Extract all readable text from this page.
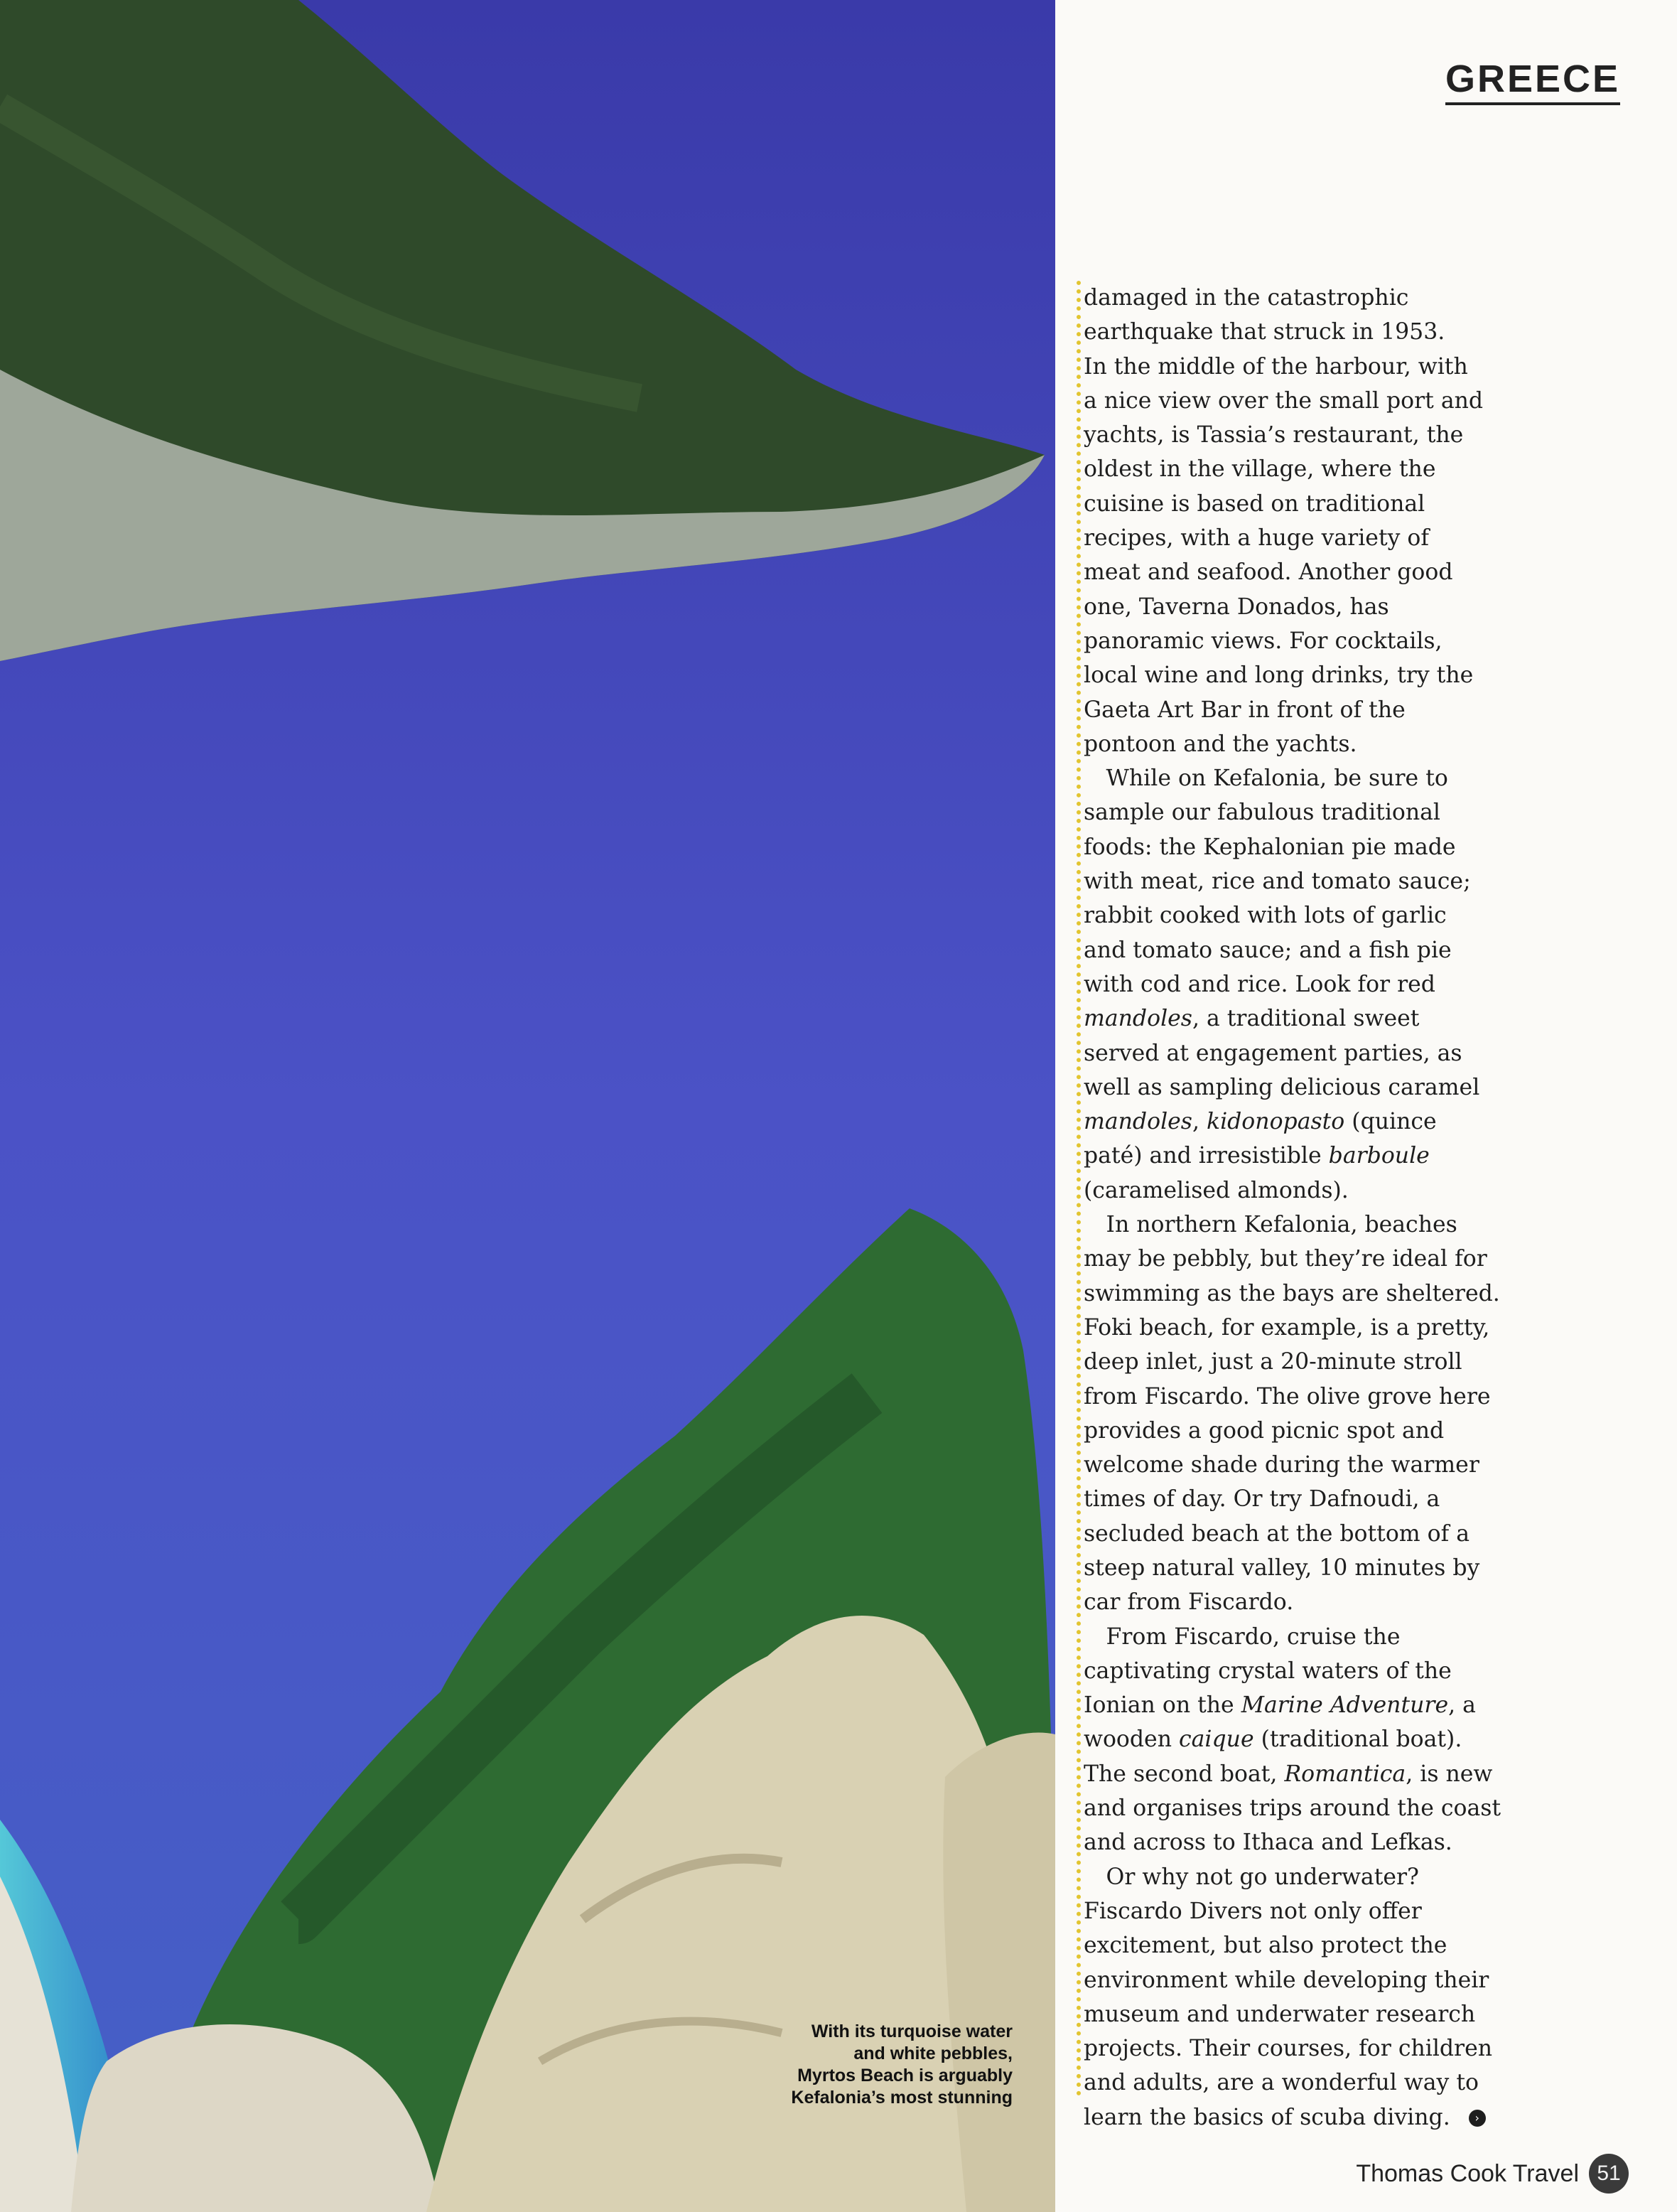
With its turquoise water
and white pebbles,
Myrtos Beach is arguably
Kefalonia’s most stunning
GREECE

damaged in the catastrophic
earthquake that struck in 1953.
In the middle of the harbour, with
a nice view over the small port and
yachts, is Tassia’s restaurant, the
oldest in the village, where the
cuisine is based on traditional
recipes, with a huge variety of
meat and seafood. Another good
one, Taverna Donados, has
panoramic views. For cocktails,
local wine and long drinks, try the
Gaeta Art Bar in front of the
pontoon and the yachts.

 While on Kefalonia, be sure to
sample our fabulous traditional
foods: the Kephalonian pie made
with meat, rice and tomato sauce;
rabbit cooked with lots of garlic
and tomato sauce; and a fish pie
with cod and rice. Look for red
mandoles, a traditional sweet
served at engagement parties, as
well as sampling delicious caramel
mandoles, kidonopasto (quince
paté) and irresistible barboule
(caramelised almonds).

 In northern Kefalonia, beaches
may be pebbly, but they’re ideal for
swimming as the bays are sheltered.
Foki beach, for example, is a pretty,
deep inlet, just a 20-minute stroll
from Fiscardo. The olive grove here
provides a good picnic spot and
welcome shade during the warmer
times of day. Or try Dafnoudi, a
secluded beach at the bottom of a
steep natural valley, 10 minutes by
car from Fiscardo.

 From Fiscardo, cruise the
captivating crystal waters of the
Ionian on the Marine Adventure, a
wooden caique (traditional boat).
The second boat, Romantica, is new
and organises trips around the coast
and across to Ithaca and Lefkas.

 Or why not go underwater?
Fiscardo Divers not only offer
excitement, but also protect the
environment while developing their
museum and underwater research
projects. Their courses, for children
and adults, are a wonderful way to
learn the basics of scuba diving. ›

Thomas Cook Travel 51
